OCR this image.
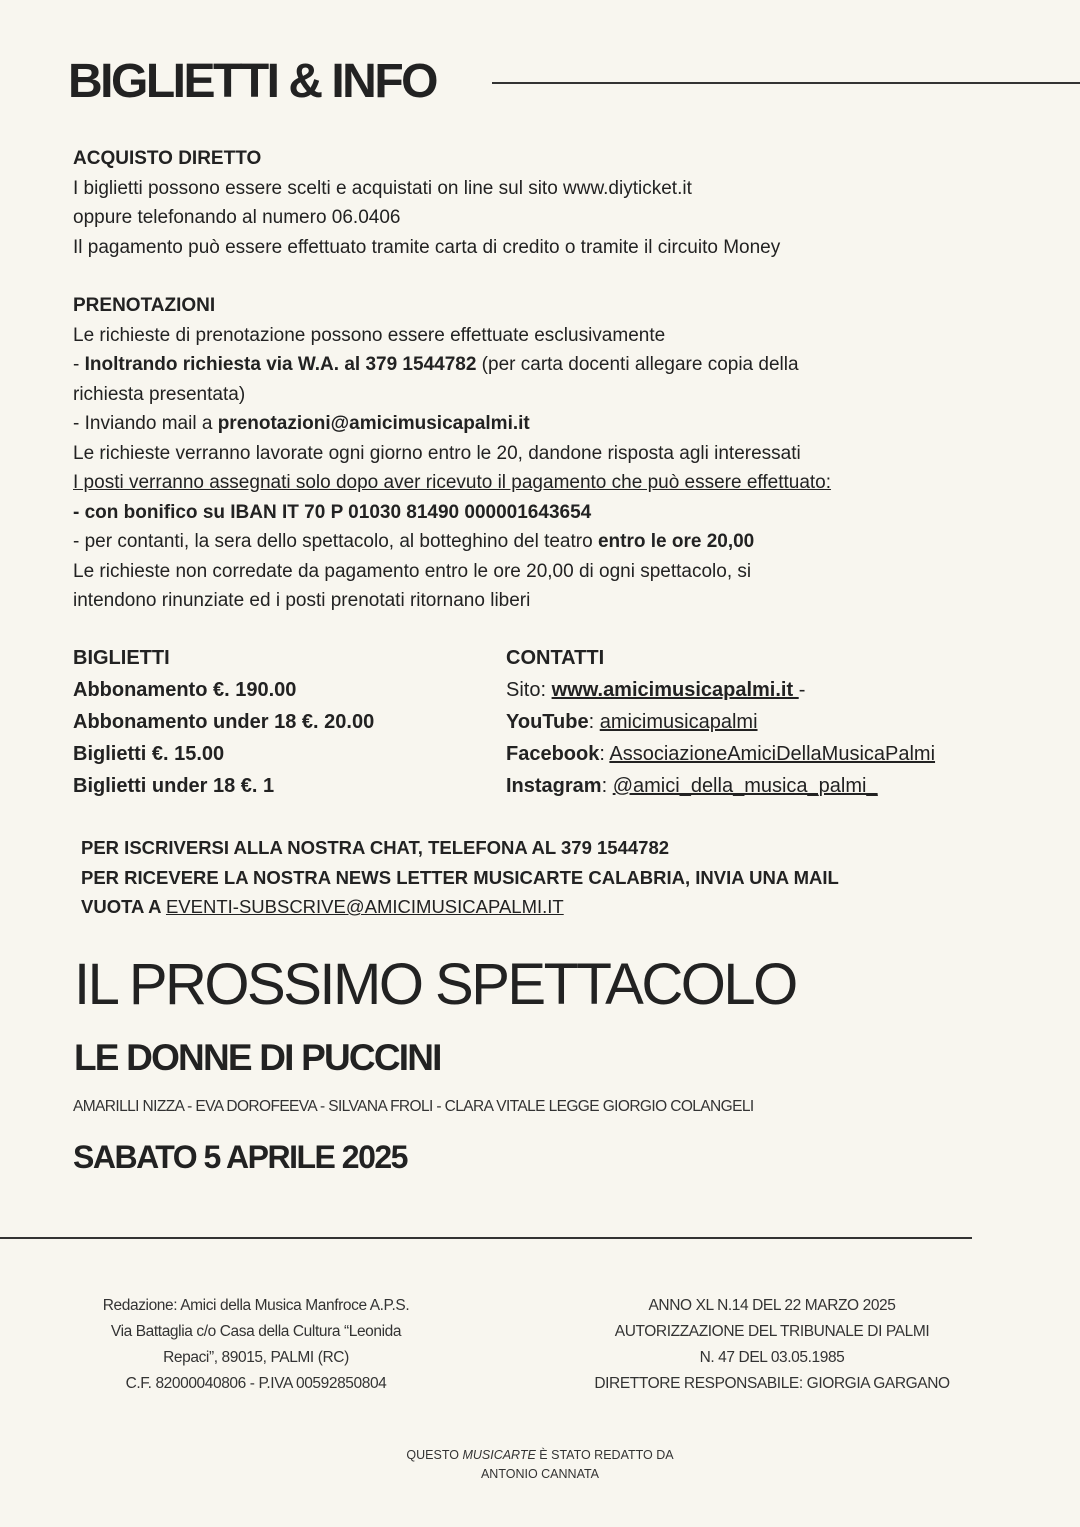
BIGLIETTI & INFO

ACQUISTO DIRETTO

I biglietti possono essere scelti e acquistati on line sul sito www.diyticket.it

oppure telefonando al numero 06.0406

Il pagamento può essere effettuato tramite carta di credito o tramite il circuito Money

PRENOTAZIONI

Le richieste di prenotazione possono essere effettuate esclusivamente

- Inoltrando richiesta via W.A. al 379 1544782 (per carta docenti allegare copia della

richiesta presentata)

- Inviando mail a prenotazioni@amicimusicapalmi.it

Le richieste verranno lavorate ogni giorno entro le 20, dandone risposta agli interessati

I posti verranno assegnati solo dopo aver ricevuto il pagamento che può essere effettuato:

- con bonifico su IBAN IT 70 P 01030 81490 000001643654

- per contanti, la sera dello spettacolo, al botteghino del teatro entro le ore 20,00

Le richieste non corredate da pagamento entro le ore 20,00 di ogni spettacolo, si

intendono rinunziate ed i posti prenotati ritornano liberi

BIGLIETTI

Abbonamento €. 190.00

Abbonamento under 18 €. 20.00

Biglietti €. 15.00

Biglietti under 18 €. 1

CONTATTI

Sito: www.amicimusicapalmi.it -

YouTube: amicimusicapalmi

Facebook: AssociazioneAmiciDellaMusicaPalmi

Instagram: @amici_della_musica_palmi_

PER ISCRIVERSI ALLA NOSTRA CHAT, TELEFONA AL 379 1544782

PER RICEVERE LA NOSTRA NEWS LETTER MUSICARTE CALABRIA, INVIA UNA MAIL

VUOTA A EVENTI-SUBSCRIVE@AMICIMUSICAPALMI.IT

IL PROSSIMO SPETTACOLO
LE DONNE DI PUCCINI
AMARILLI NIZZA - EVA DOROFEEVA - SILVANA FROLI - CLARA VITALE LEGGE GIORGIO COLANGELI
SABATO 5 APRILE 2025

Redazione: Amici della Musica Manfroce A.P.S.

Via Battaglia c/o Casa della Cultura “Leonida

Repaci”, 89015, PALMI (RC)

C.F. 82000040806 - P.IVA 00592850804

ANNO XL N.14 DEL 22 MARZO 2025

AUTORIZZAZIONE DEL TRIBUNALE DI PALMI

N. 47 DEL 03.05.1985

DIRETTORE RESPONSABILE: GIORGIA GARGANO

QUESTO MUSICARTE È STATO REDATTO DA

ANTONIO CANNATA
